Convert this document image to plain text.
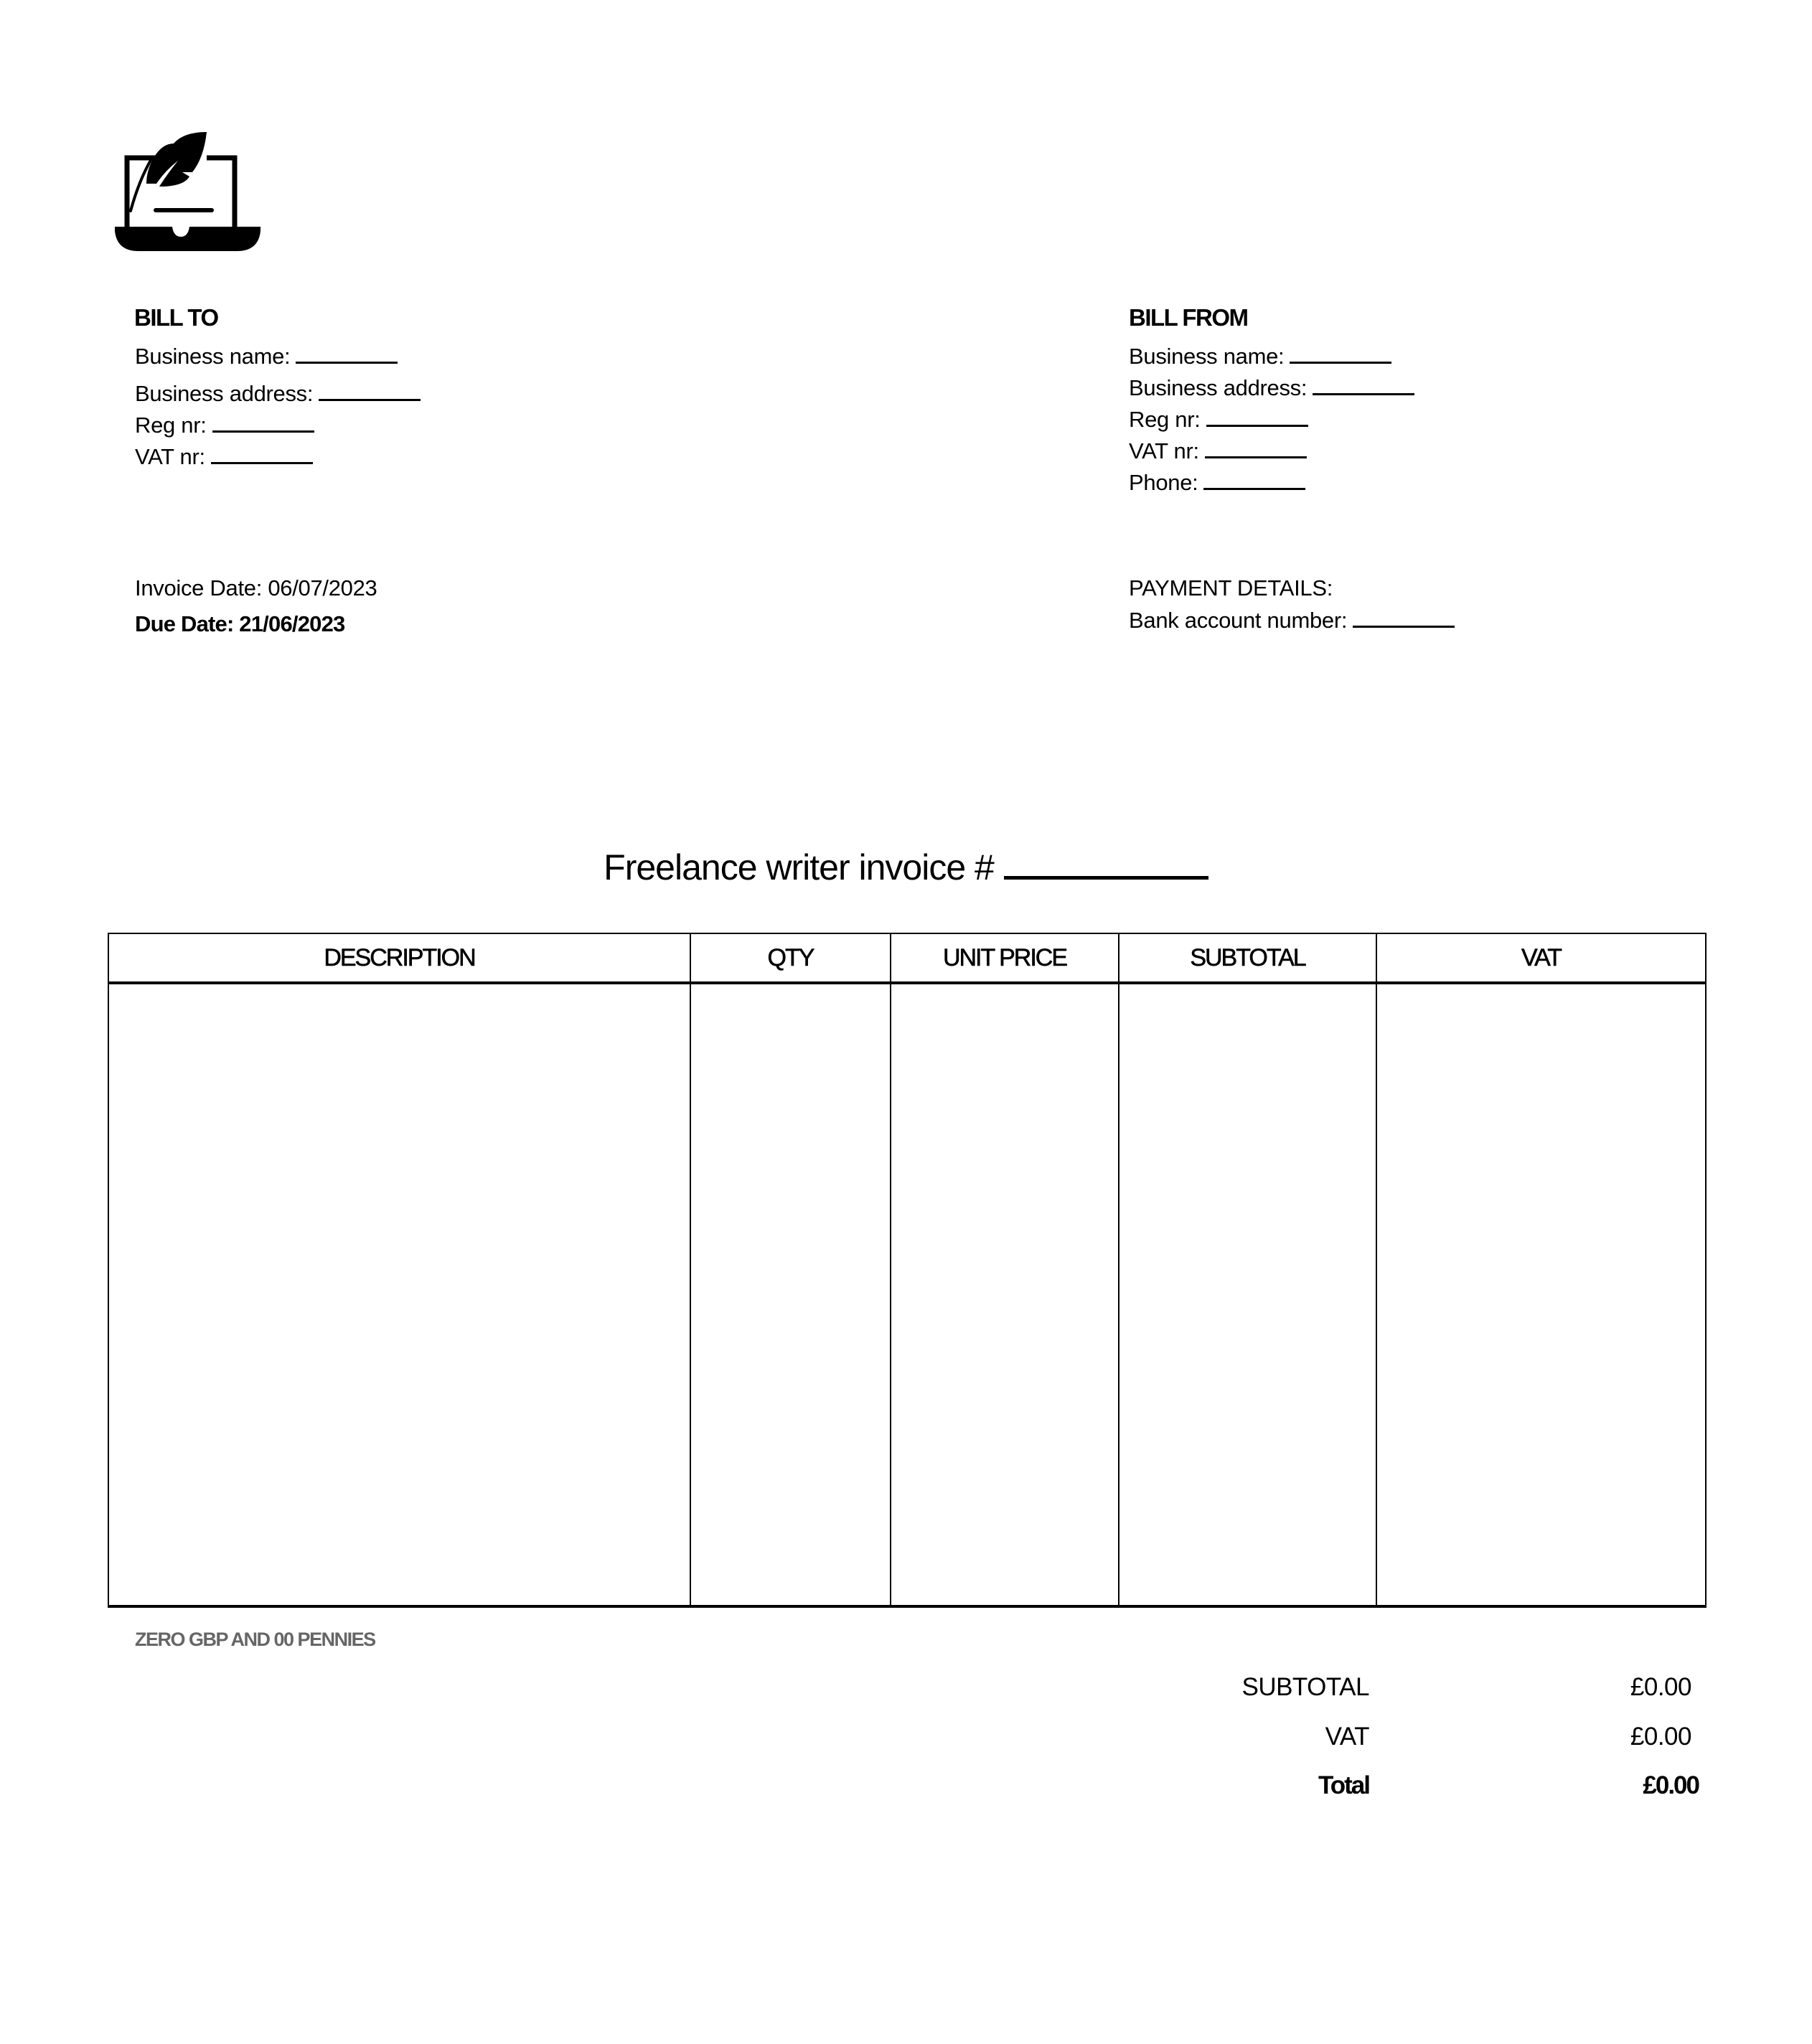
BILL TO
Business name:
Business address:
Reg nr:
VAT nr:
BILL FROM
Business name:
Business address:
Reg nr:
VAT nr:
Phone:
Invoice Date: 06/07/2023
Due Date: 21/06/2023
PAYMENT DETAILS:
Bank account number:
Freelance writer invoice #
DESCRIPTION	QTY	UNIT PRICE	SUBTOTAL	VAT

ZERO GBP AND 00 PENNIES
SUBTOTAL	£0.00
VAT	£0.00
Total	£0.00
